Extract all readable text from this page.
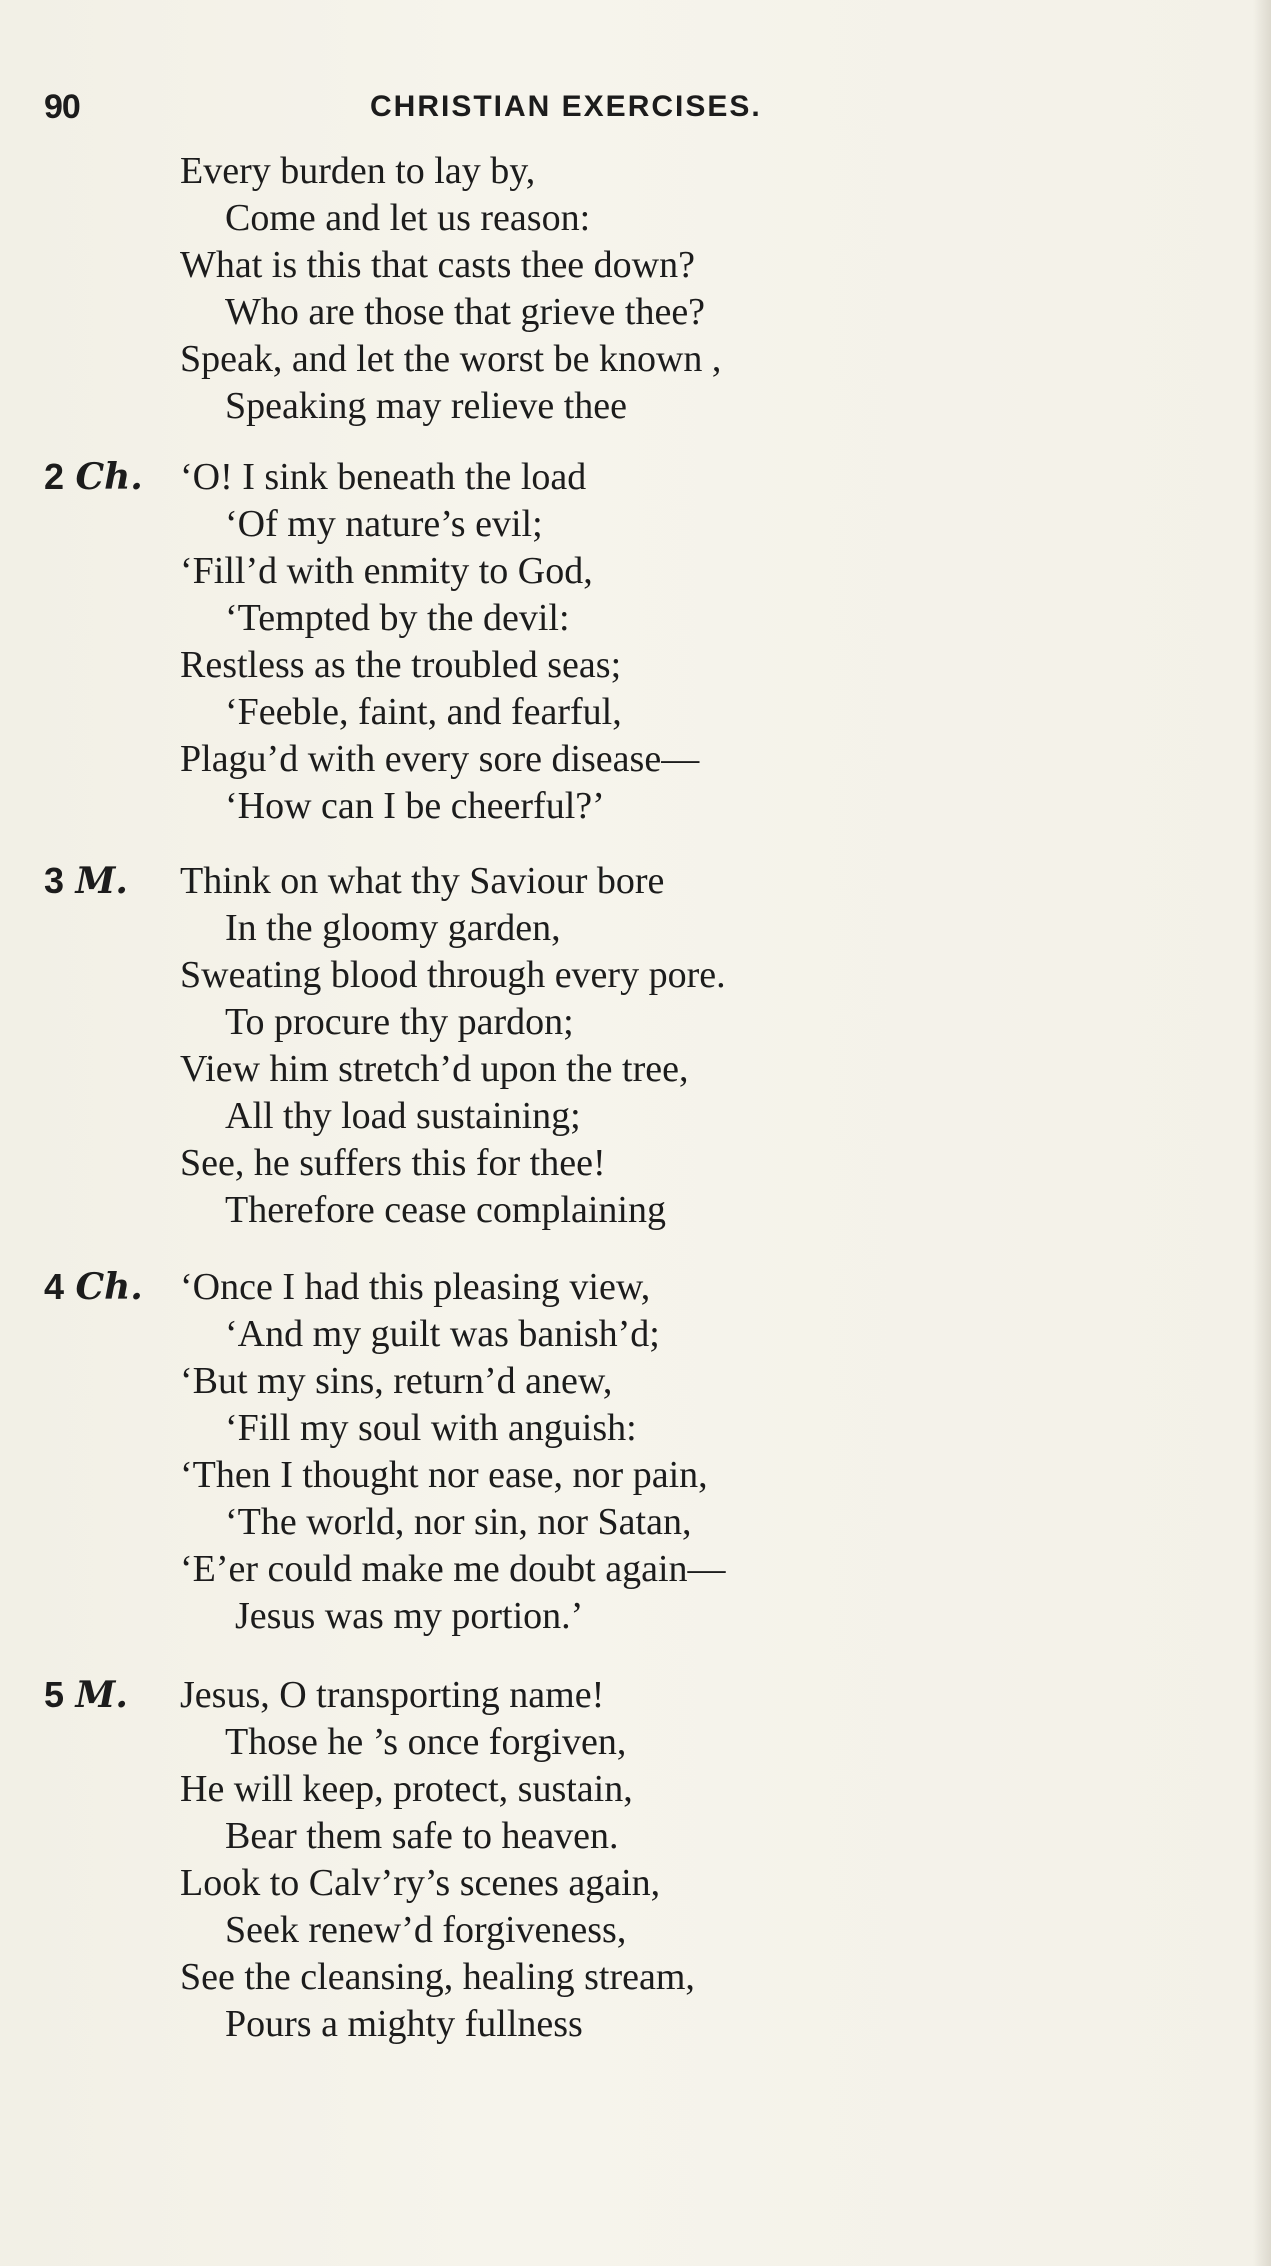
90	CHRISTIAN EXERCISES.
Every burden to lay by,
Come and let us reason:
What is this that casts thee down?
Who are those that grieve thee?
Speak, and let the worst be known ,
Speaking may relieve thee
2 Ch. ‘O! I sink beneath the load
‘Of my nature’s evil;
‘Fill’d with enmity to God,
‘Tempted by the devil:
Restless as the troubled seas;
‘Feeble, faint, and fearful,
Plagu’d with every sore disease—
‘How can I be cheerful?’
3 M. Think on what thy Saviour bore
In the gloomy garden,
Sweating blood through every pore.
To procure thy pardon;
View him stretch’d upon the tree,
All thy load sustaining;
See, he suffers this for thee!
Therefore cease complaining
4 Ch. ‘Once I had this pleasing view,
‘And my guilt was banish’d;
‘But my sins, return’d anew,
‘Fill my soul with anguish:
‘Then I thought nor ease, nor pain,
‘The world, nor sin, nor Satan,
‘E’er could make me doubt again—
Jesus was my portion.’
5 M. Jesus, O transporting name!
Those he ’s once forgiven,
He will keep, protect, sustain,
Bear them safe to heaven.
Look to Calv’ry’s scenes again,
Seek renew’d forgiveness,
See the cleansing, healing stream,
Pours a mighty fullness
